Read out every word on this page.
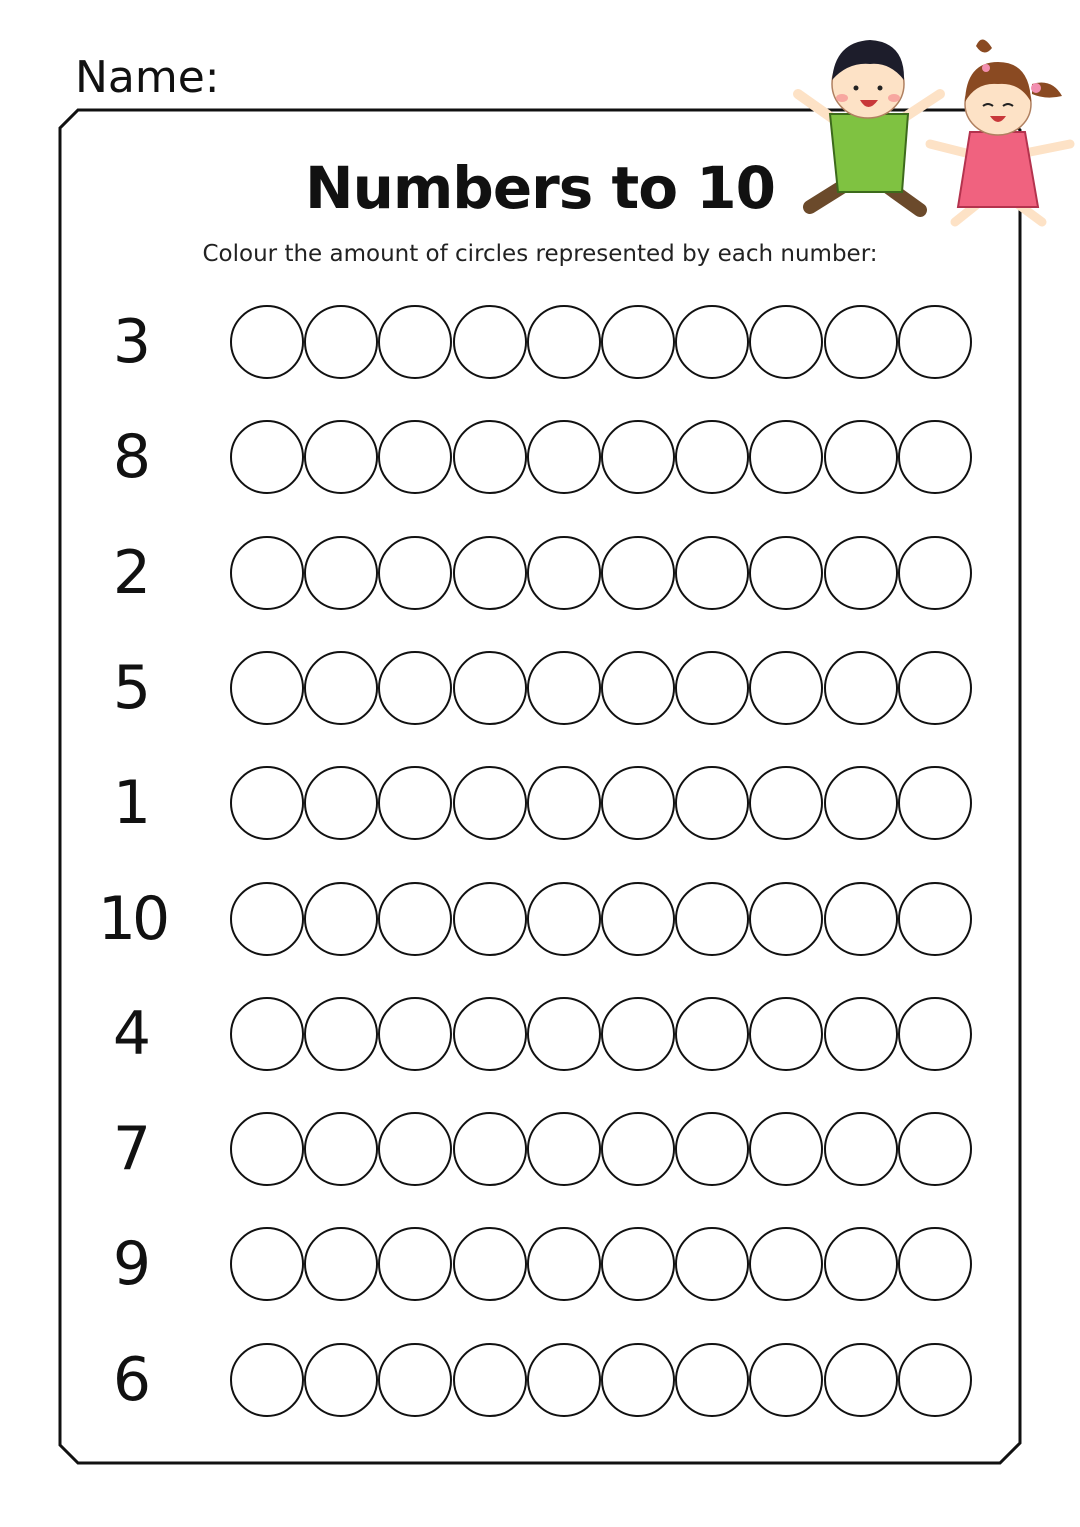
Name:
Numbers to 10
Colour the amount of circles represented by each number:
3
8
2
5
1
10
4
7
9
6
